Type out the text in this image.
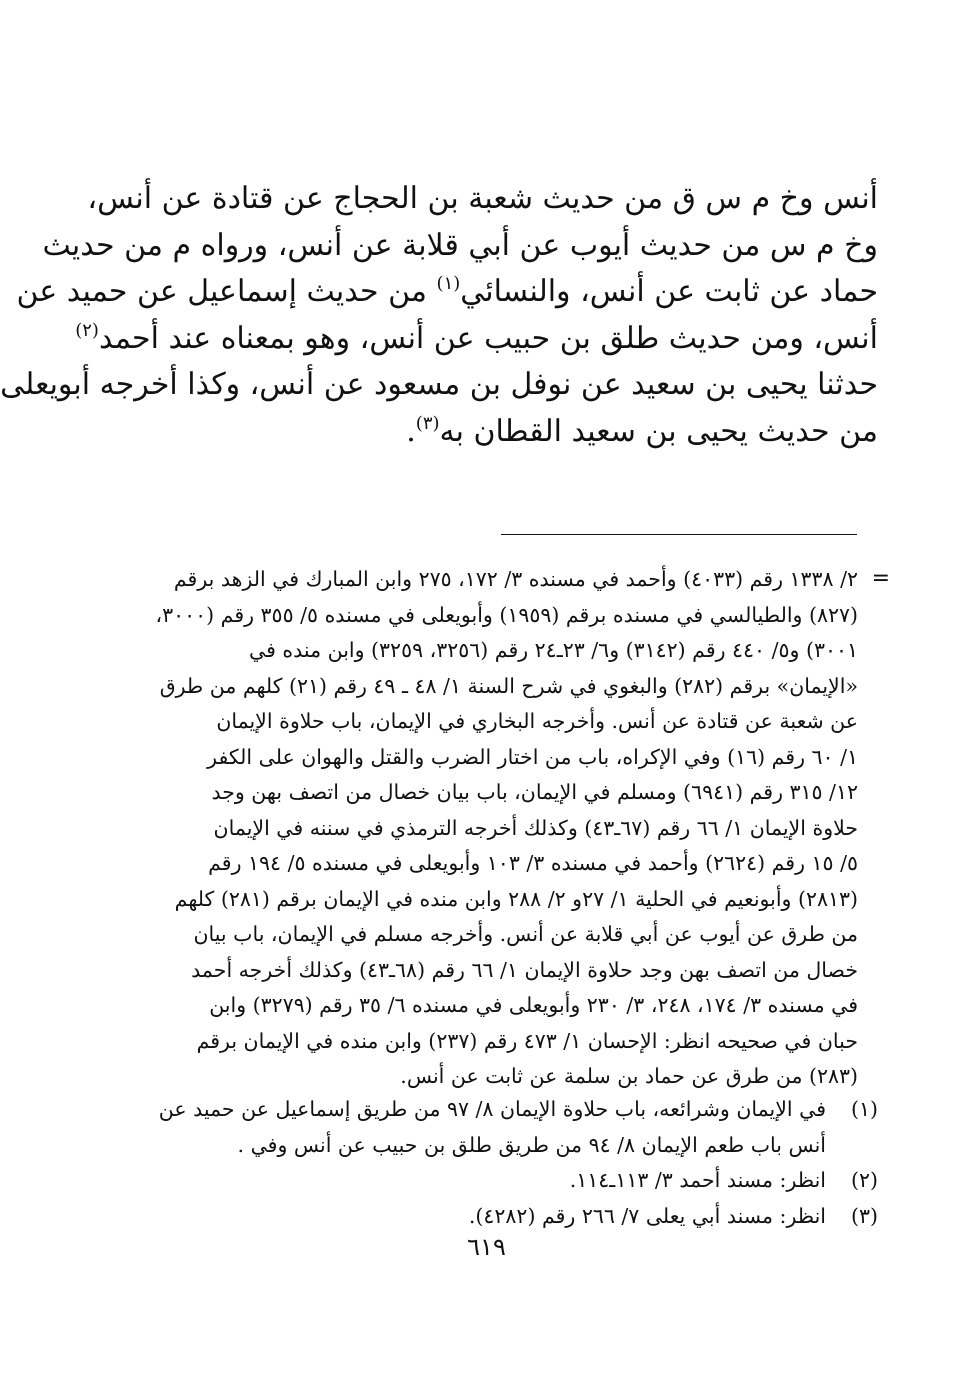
أنس وخ م س ق من حديث شعبة بن الحجاج عن قتادة عن أنس،
وخ م س من حديث أيوب عن أبي قلابة عن أنس، ورواه م من حديث
حماد عن ثابت عن أنس، والنسائي$^{(١)}$ من حديث إسماعيل عن حميد عن
أنس، ومن حديث طلق بن حبيب عن أنس، وهو بمعناه عند أحمد$^{(٢)}$
حدثنا يحيى بن سعيد عن نوفل بن مسعود عن أنس، وكذا أخرجه أبويعلى
من حديث يحيى بن سعيد القطان به$^{(٣)}$.
=
٢/ ١٣٣٨ رقم (٤٠٣٣) وأحمد في مسنده ٣/ ١٧٢، ٢٧٥ وابن المبارك في الزهد برقم
(٨٢٧) والطيالسي في مسنده برقم (١٩٥٩) وأبويعلى في مسنده ٥/ ٣٥٥ رقم (٣٠٠٠،
٣٠٠١) و٥/ ٤٤٠ رقم (٣١٤٢) و٦/ ٢٣ـ٢٤ رقم (٣٢٥٦، ٣٢٥٩) وابن منده في
«الإيمان» برقم (٢٨٢) والبغوي في شرح السنة ١/ ٤٨ ـ ٤٩ رقم (٢١) كلهم من طرق
عن شعبة عن قتادة عن أنس. وأخرجه البخاري في الإيمان، باب حلاوة الإيمان
١/ ٦٠ رقم (١٦) وفي الإكراه، باب من اختار الضرب والقتل والهوان على الكفر
١٢/ ٣١٥ رقم (٦٩٤١) ومسلم في الإيمان، باب بيان خصال من اتصف بهن وجد
حلاوة الإيمان ١/ ٦٦ رقم (٦٧ـ٤٣) وكذلك أخرجه الترمذي في سننه في الإيمان
٥/ ١٥ رقم (٢٦٢٤) وأحمد في مسنده ٣/ ١٠٣ وأبويعلى في مسنده ٥/ ١٩٤ رقم
(٢٨١٣) وأبونعيم في الحلية ١/ ٢٧و ٢/ ٢٨٨ وابن منده في الإيمان برقم (٢٨١) كلهم
من طرق عن أيوب عن أبي قلابة عن أنس. وأخرجه مسلم في الإيمان، باب بيان
خصال من اتصف بهن وجد حلاوة الإيمان ١/ ٦٦ رقم (٦٨ـ٤٣) وكذلك أخرجه أحمد
في مسنده ٣/ ١٧٤، ٢٤٨، ٣/ ٢٣٠ وأبويعلى في مسنده ٦/ ٣٥ رقم (٣٢٧٩) وابن
حبان في صحيحه انظر: الإحسان ١/ ٤٧٣ رقم (٢٣٧) وابن منده في الإيمان برقم
(٢٨٣) من طرق عن حماد بن سلمة عن ثابت عن أنس.
(١)
في الإيمان وشرائعه، باب حلاوة الإيمان ٨/ ٩٧ من طريق إسماعيل عن حميد عن
أنس باب طعم الإيمان ٨/ ٩٤ من طريق طلق بن حبيب عن أنس وفي .
(٢)
انظر: مسند أحمد ٣/ ١١٣ـ١١٤.
(٣)
انظر: مسند أبي يعلى ٧/ ٢٦٦ رقم (٤٢٨٢).
٦١٩
